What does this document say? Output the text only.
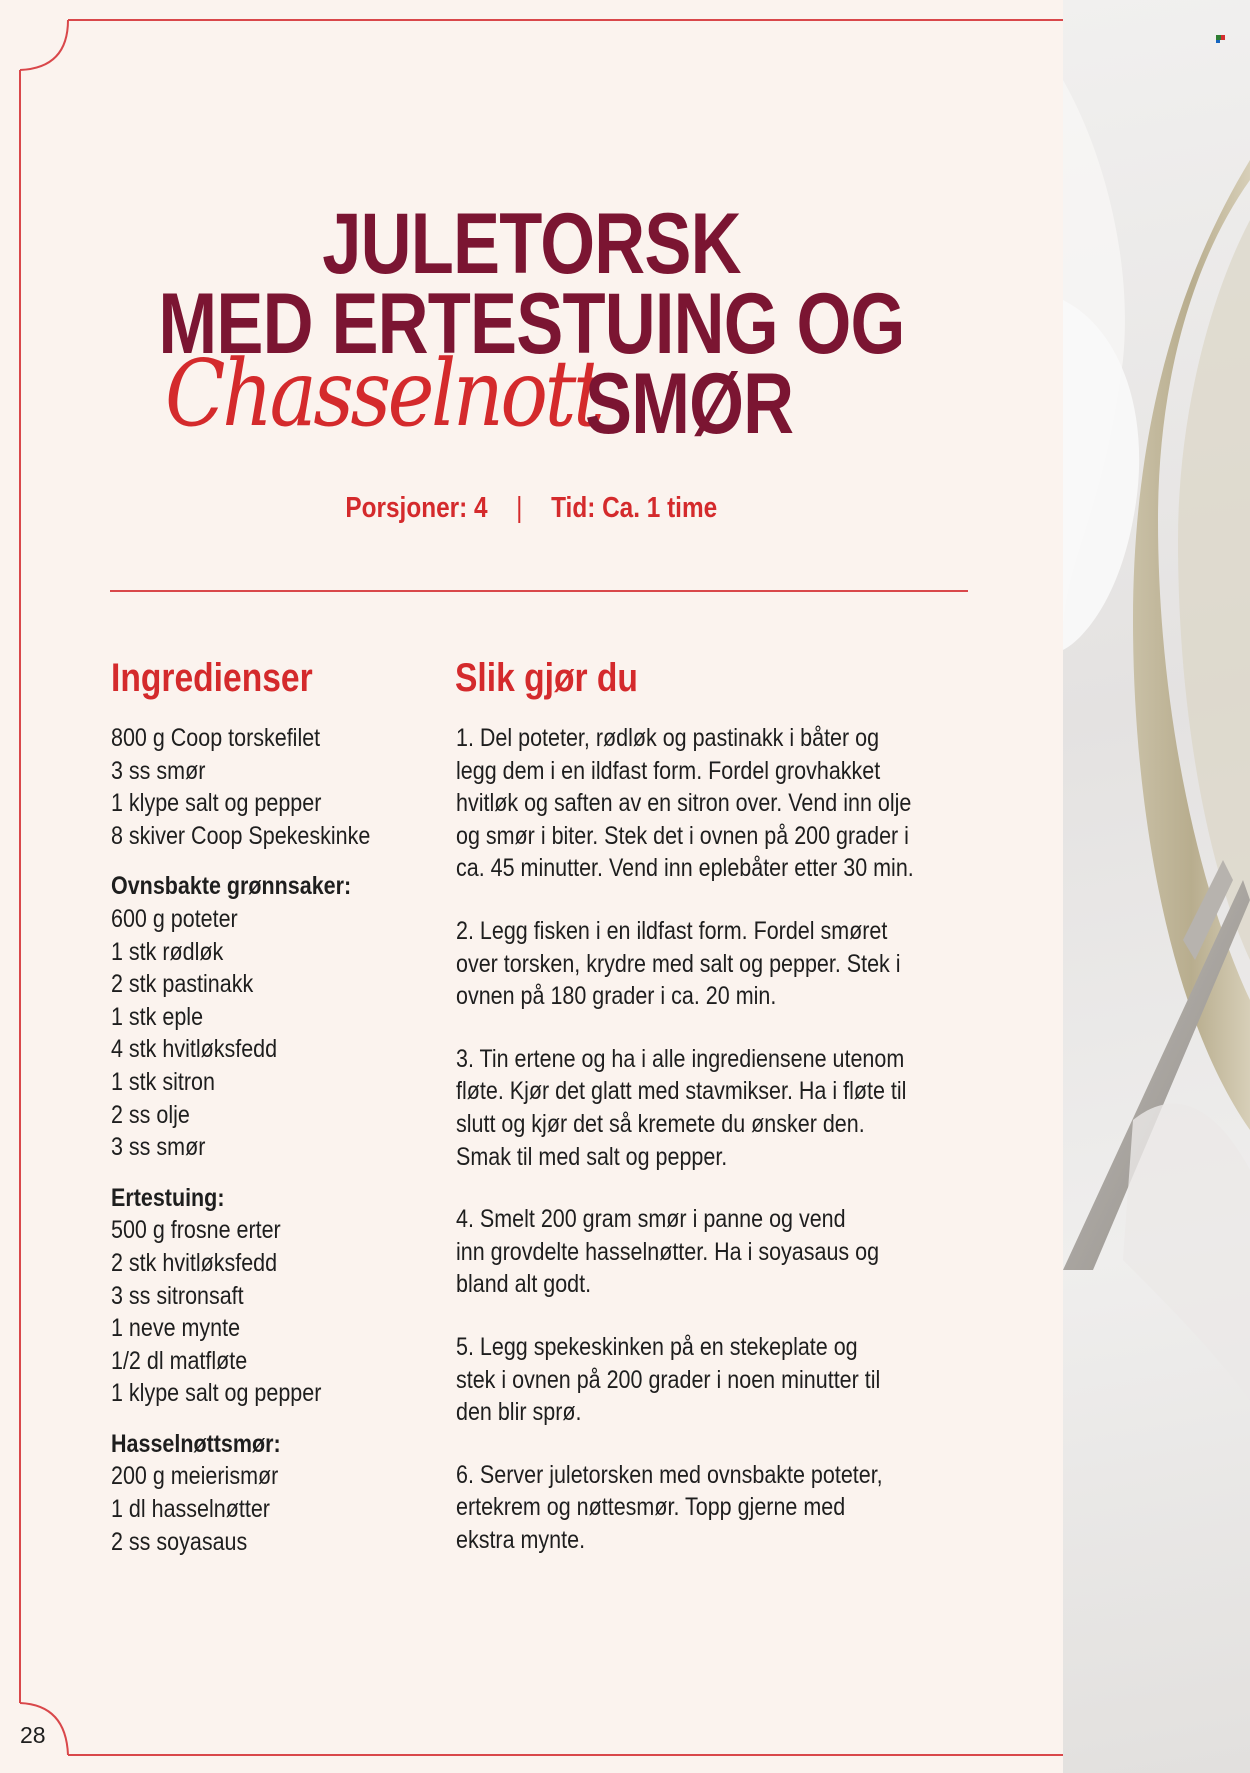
JULETORSK
MED ERTESTUING OG
Chasselnott
SMØR
Porsjoner: 4 | Tid: Ca. 1 time
Ingredienser	Slik gjør du
800 g Coop torskefilet
3 ss smør
1 klype salt og pepper
8 skiver Coop Spekeskinke
Ovnsbakte grønnsaker:
600 g poteter
1 stk rødløk
2 stk pastinakk
1 stk eple
4 stk hvitløksfedd
1 stk sitron
2 ss olje
3 ss smør
Ertestuing:
500 g frosne erter
2 stk hvitløksfedd
3 ss sitronsaft
1 neve mynte
1/2 dl matfløte
1 klype salt og pepper
Hasselnøttsmør:
200 g meierismør
1 dl hasselnøtter
2 ss soyasaus
1. Del poteter, rødløk og pastinakk i båter og
legg dem i en ildfast form. Fordel grovhakket
hvitløk og saften av en sitron over. Vend inn olje
og smør i biter. Stek det i ovnen på 200 grader i
ca. 45 minutter. Vend inn eplebåter etter 30 min.
2. Legg fisken i en ildfast form. Fordel smøret
over torsken, krydre med salt og pepper. Stek i
ovnen på 180 grader i ca. 20 min.
3. Tin ertene og ha i alle ingrediensene utenom
fløte. Kjør det glatt med stavmikser. Ha i fløte til
slutt og kjør det så kremete du ønsker den.
Smak til med salt og pepper.
4. Smelt 200 gram smør i panne og vend
inn grovdelte hasselnøtter. Ha i soyasaus og
bland alt godt.
5. Legg spekeskinken på en stekeplate og
stek i ovnen på 200 grader i noen minutter til
den blir sprø.
6. Server juletorsken med ovnsbakte poteter,
ertekrem og nøttesmør. Topp gjerne med
ekstra mynte.
28
